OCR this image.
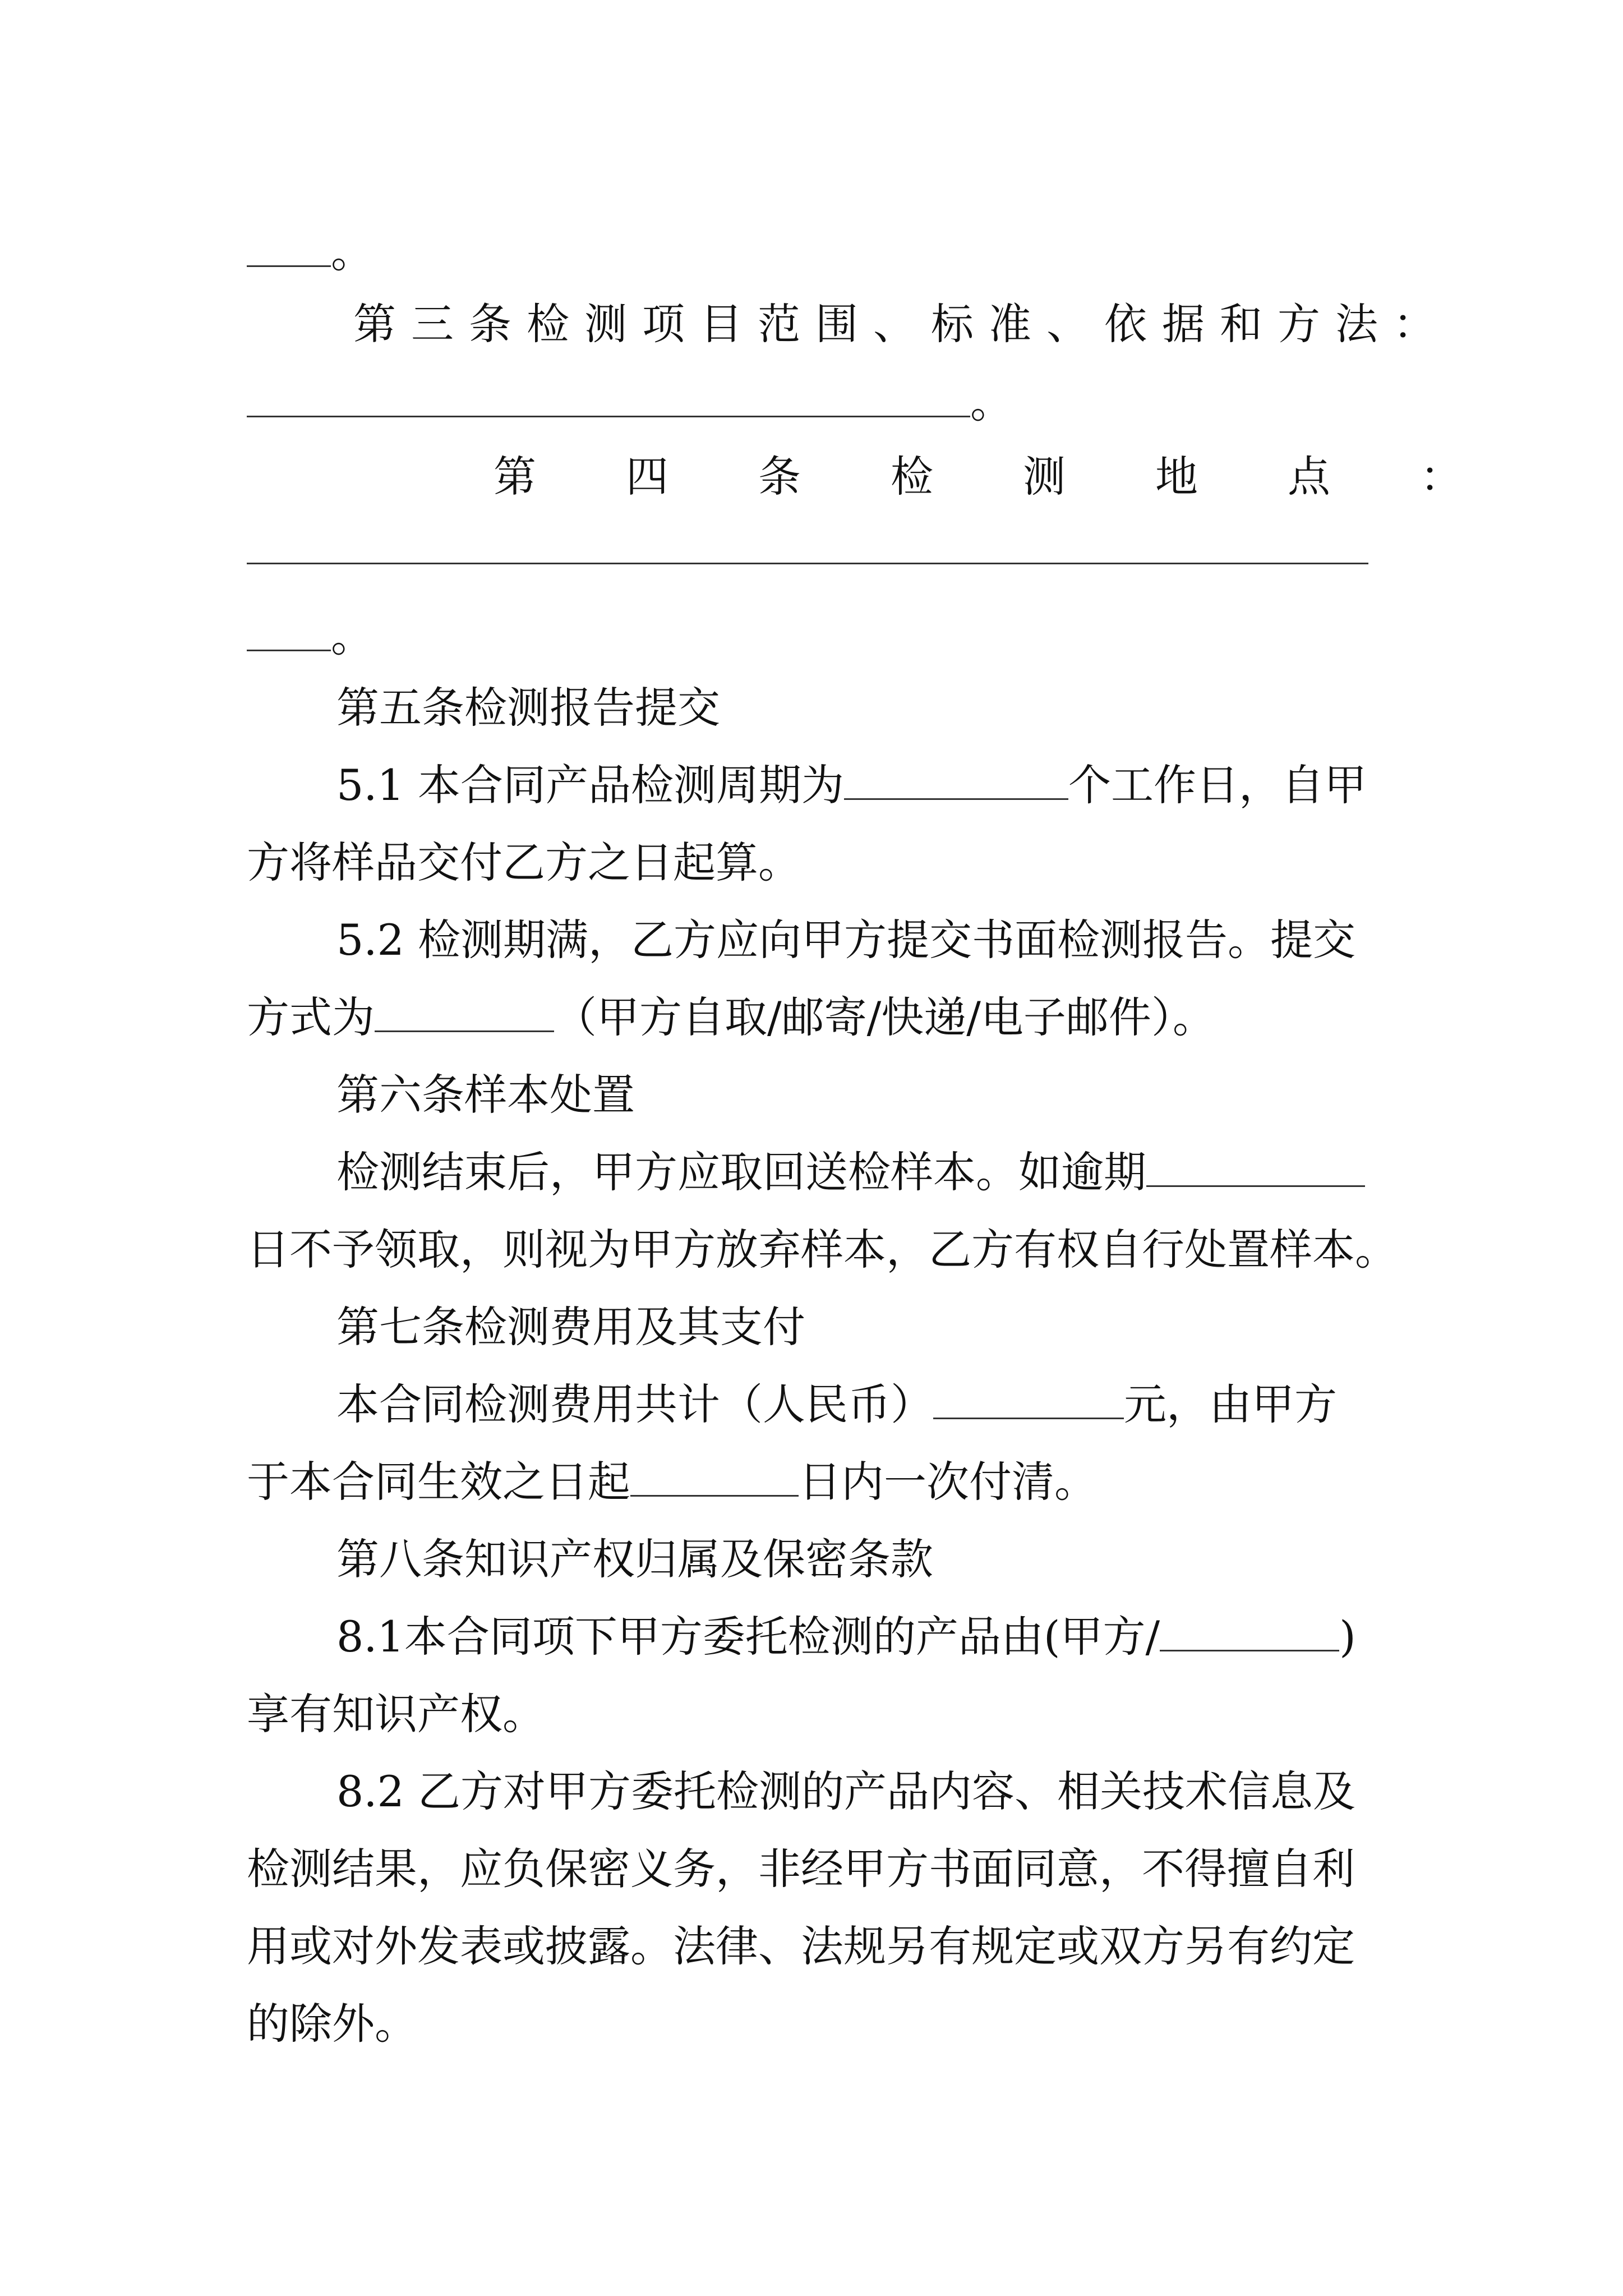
。
第三条检测项目范围、标准、依据和方法：
。
第四条检测地点：
。
第五条检测报告提交
5.1 本合同产品检测周期为	个工作日，自甲
方将样品交付乙方之日起算。
5.2 检测期满，乙方应向甲方提交书面检测报告。提交
方式为	（甲方自取/邮寄/快递/电子邮件）。
第六条样本处置
检测结束后，甲方应取回送检样本。如逾期
日不予领取，则视为甲方放弃样本，乙方有权自行处置样本。
第七条检测费用及其支付
本合同检测费用共计（人民币）	元，由甲方
于本合同生效之日起	日内一次付清。
第八条知识产权归属及保密条款
8.1本合同项下甲方委托检测的产品由(甲方/	)
享有知识产权。
8.2 乙方对甲方委托检测的产品内容、相关技术信息及
检测结果，应负保密义务，非经甲方书面同意，不得擅自利
用或对外发表或披露。法律、法规另有规定或双方另有约定
的除外。
